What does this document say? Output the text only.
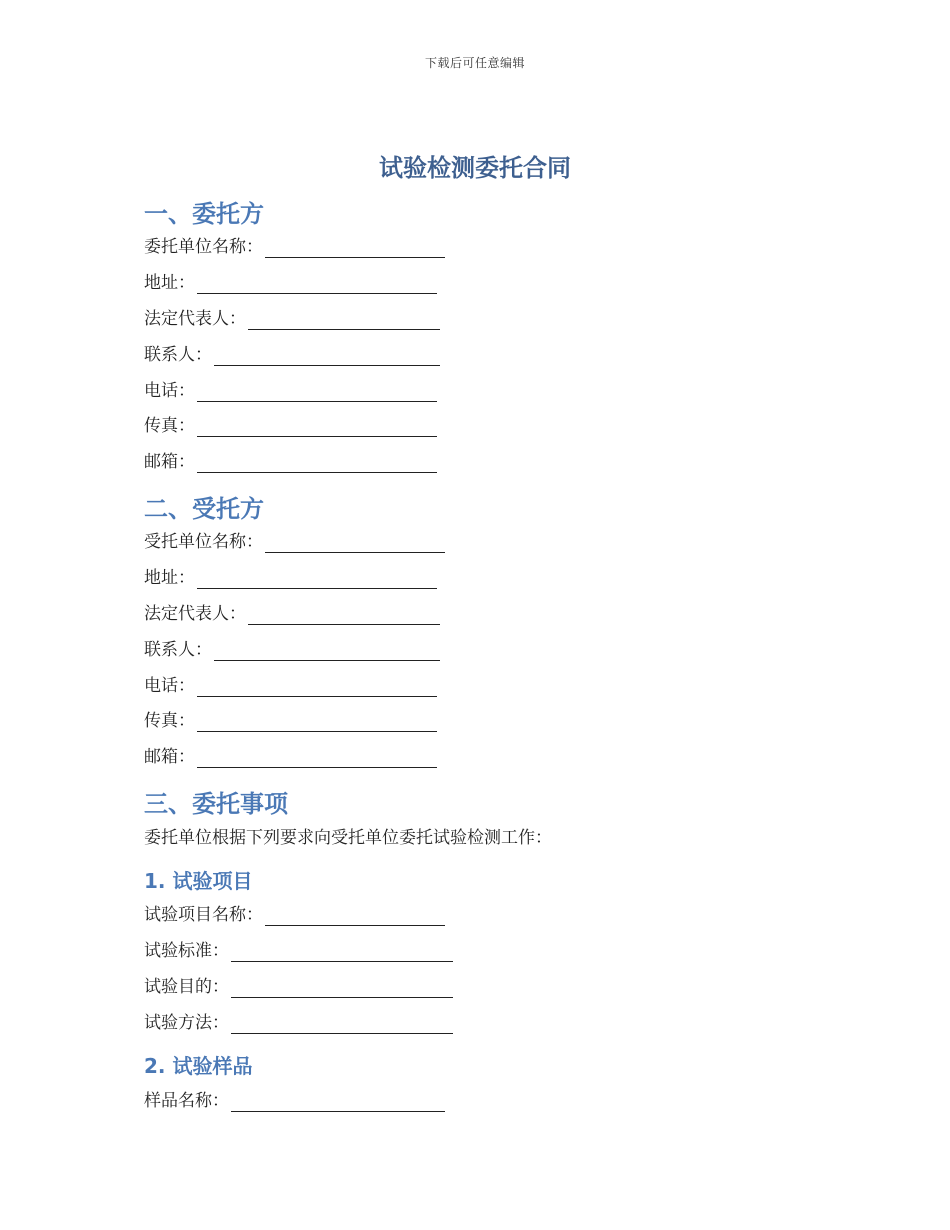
下载后可任意编辑
试验检测委托合同
一、委托方
委托单位名称：
地址：
法定代表人：
联系人：
电话：
传真：
邮箱：
二、受托方
受托单位名称：
地址：
法定代表人：
联系人：
电话：
传真：
邮箱：
三、委托事项
委托单位根据下列要求向受托单位委托试验检测工作：
1. 试验项目
试验项目名称：
试验标准：
试验目的：
试验方法：
2. 试验样品
样品名称：
